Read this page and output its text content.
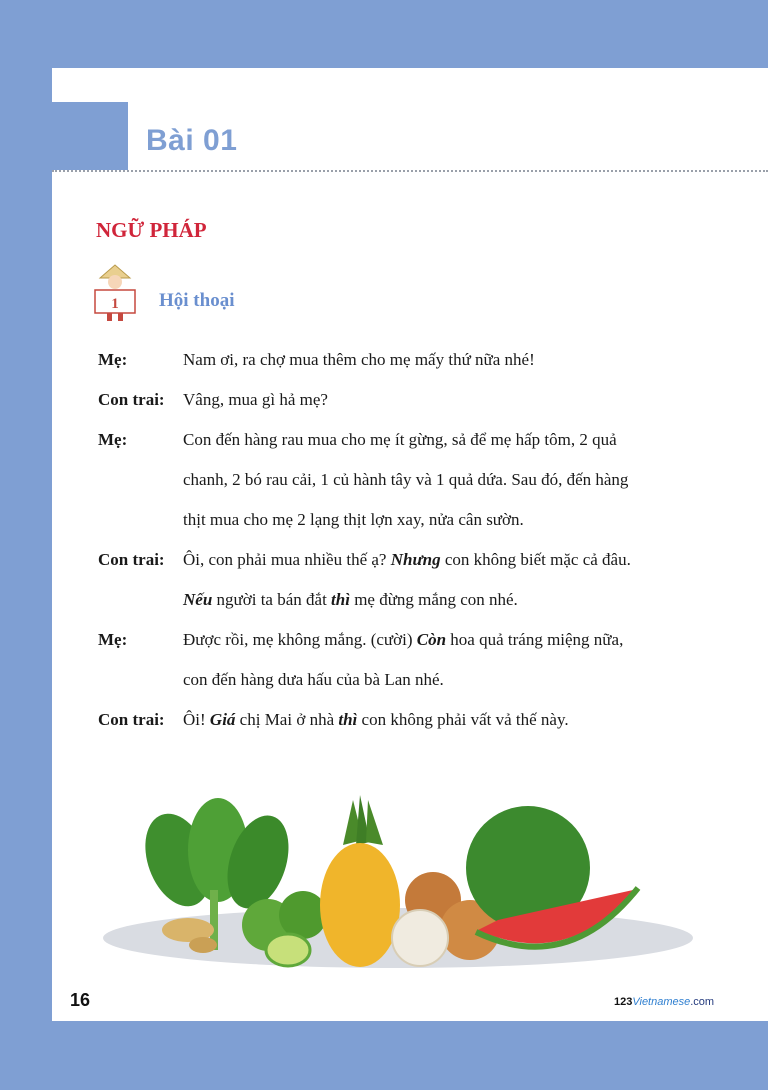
Bài 01
NGỮ PHÁP
1 Hội thoại
Mẹ:	Nam ơi, ra chợ mua thêm cho mẹ mấy thứ nữa nhé!
Con trai:	Vâng, mua gì hả mẹ?
Mẹ:	Con đến hàng rau mua cho mẹ ít gừng, sả để mẹ hấp tôm, 2 quả
chanh, 2 bó rau cải, 1 củ hành tây và 1 quả dứa. Sau đó, đến hàng
thịt mua cho mẹ 2 lạng thịt lợn xay, nửa cân sườn.
Con trai:	Ôi, con phải mua nhiều thế ạ? Nhưng con không biết mặc cả đâu.
Nếu người ta bán đắt thì mẹ đừng mắng con nhé.
Mẹ:	Được rồi, mẹ không mắng. (cười) Còn hoa quả tráng miệng nữa,
con đến hàng dưa hấu của bà Lan nhé.
Con trai:	Ôi! Giá chị Mai ở nhà thì con không phải vất vả thế này.

16	123Vietnamese.com
